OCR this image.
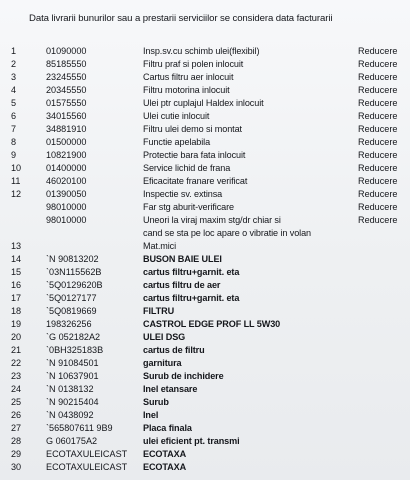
Data livrarii bunurilor sau a prestarii serviciilor se considera data facturarii
1	01090000	Insp.sv.cu schimb ulei(flexibil)	Reducere
2	85185550	Filtru praf si polen inlocuit	Reducere
3	23245550	Cartus filtru aer inlocuit	Reducere
4	20345550	Filtru motorina inlocuit	Reducere
5	01575550	Ulei ptr cuplajul Haldex inlocuit	Reducere
6	34015560	Ulei cutie inlocuit	Reducere
7	34881910	Filtru ulei demo si montat	Reducere
8	01500000	Functie apelabila	Reducere
9	10821900	Protectie bara fata inlocuit	Reducere
10	01400000	Service lichid de frana	Reducere
11	46020100	Eficacitate franare verificat	Reducere
12	01390050	Inspectie sv. extinsa	Reducere
98010000	Far stg aburit-verificare	Reducere
98010000	Uneori la viraj maxim stg/dr chiar si	Reducere
cand se sta pe loc apare o vibratie in volan
13	Mat.mici
14	`N 90813202	BUSON BAIE ULEI
15	`03N115562B	cartus filtru+garnit. eta
16	`5Q0129620B	cartus filtru de aer
17	`5Q0127177	cartus filtru+garnit. eta
18	`5Q0819669	FILTRU
19	198326256	CASTROL EDGE PROF LL 5W30
20	`G 052182A2	ULEI DSG
21	`0BH325183B	cartus de filtru
22	`N 91084501	garnitura
23	`N 10637901	Surub de inchidere
24	`N 0138132	Inel etansare
25	`N 90215404	Surub
26	`N 0438092	Inel
27	`565807611 9B9	Placa finala
28	G 060175A2	ulei eficient pt. transmi
29	ECOTAXULEICAST ECOTAXA
30	ECOTAXULEICAST ECOTAXA
